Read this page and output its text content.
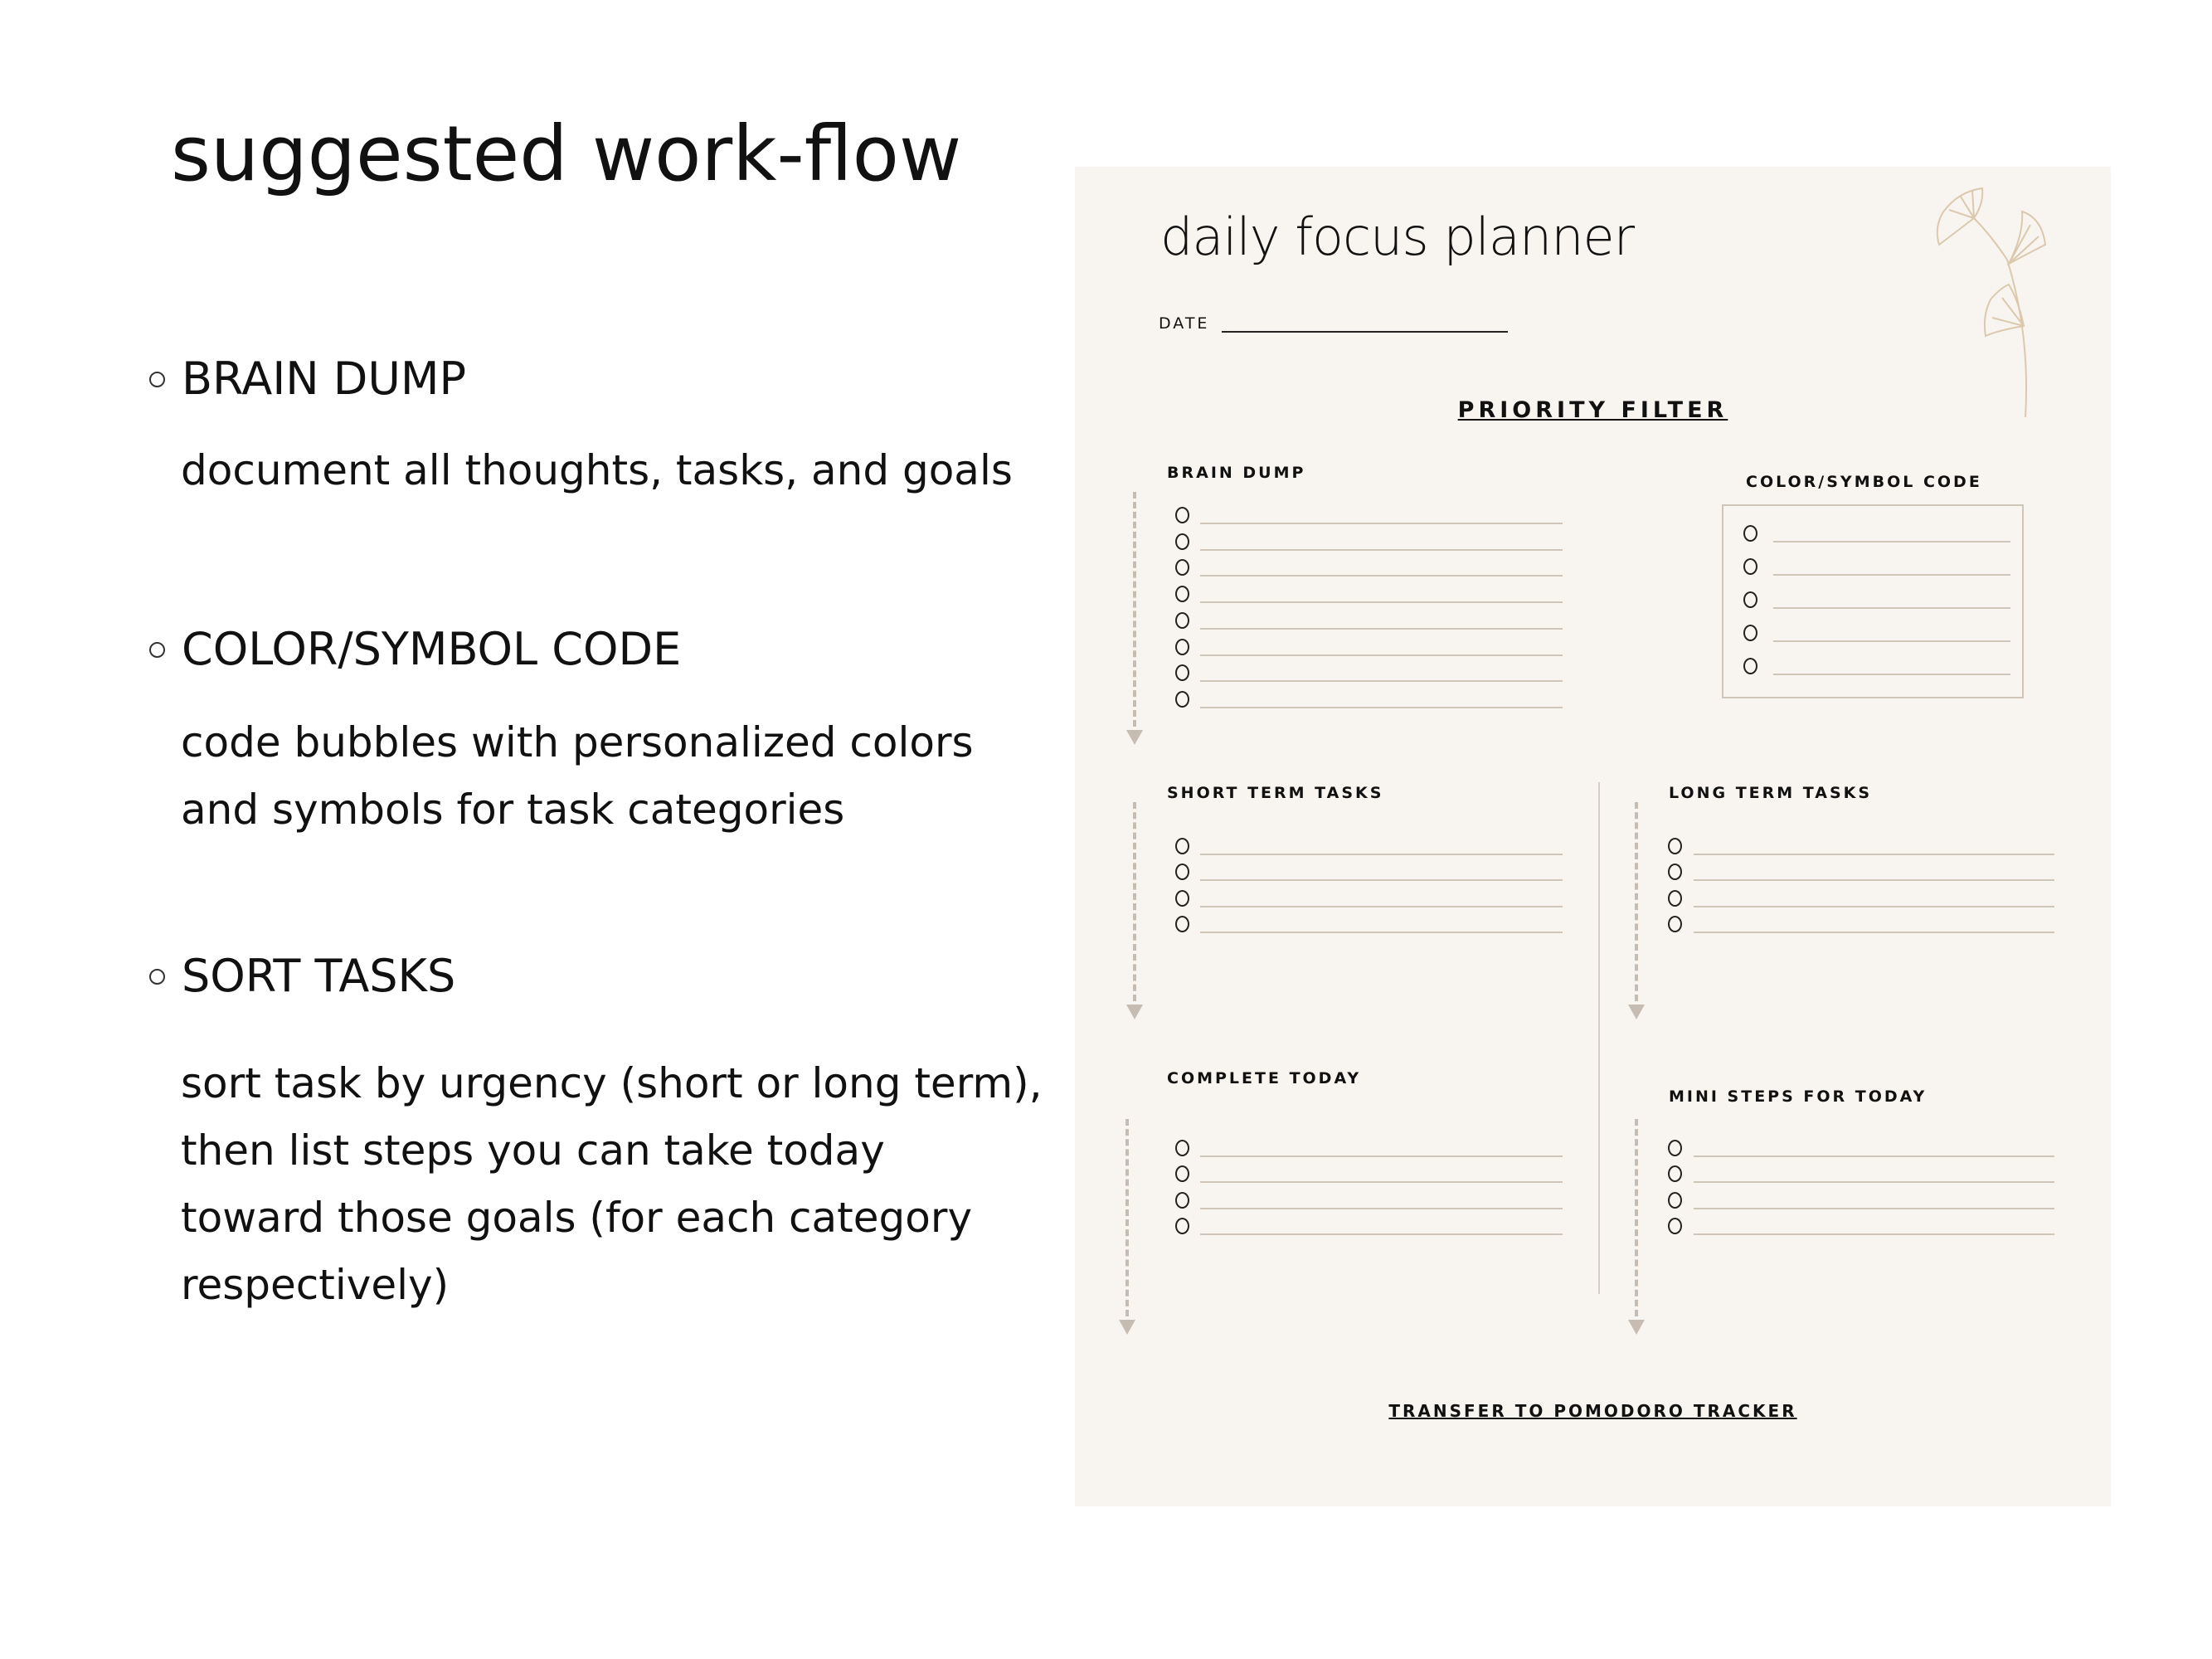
suggested work-flow
BRAIN DUMP
document all thoughts, tasks, and goals
COLOR/SYMBOL CODE
code bubbles with personalized colors
and symbols for task categories
SORT TASKS
sort task by urgency (short or long term),
then list steps you can take today
toward those goals (for each category
respectively)
daily focus planner
DATE
PRIORITY FILTER
BRAIN DUMP	COLOR/SYMBOL CODE
SHORT TERM TASKS	LONG TERM TASKS
COMPLETE TODAY
MINI STEPS FOR TODAY
TRANSFER TO POMODORO TRACKER
